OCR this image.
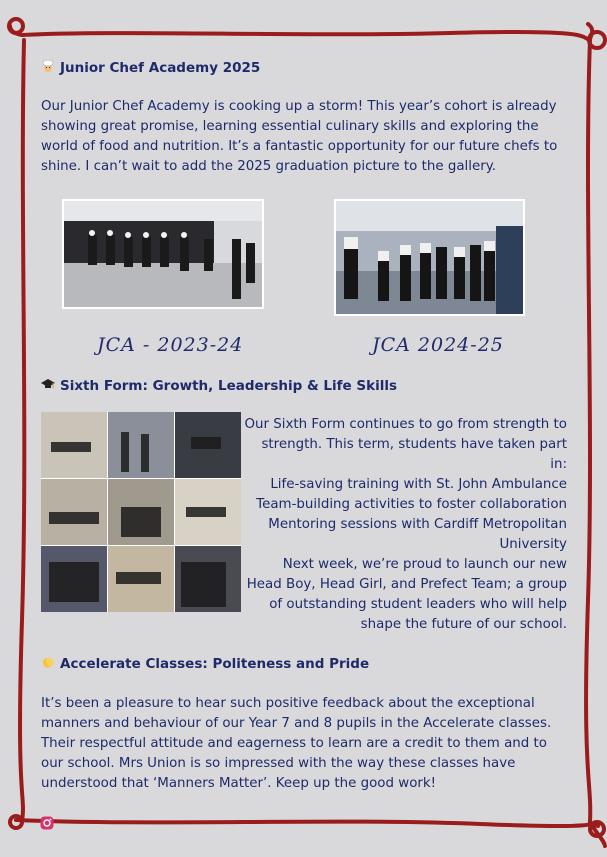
Junior Chef Academy 2025

Our Junior Chef Academy is cooking up a storm! This year’s cohort is already showing great promise, learning essential culinary skills and exploring the world of food and nutrition. It’s a fantastic opportunity for our future chefs to shine. I can’t wait to add the 2025 graduation picture to the gallery.

JCA - 2023-24	JCA 2024-25
Sixth Form: Growth, Leadership & Life Skills
Our Sixth Form continues to go from strength to strength. This term, students have taken part in:
Life-saving training with St. John Ambulance
Team-building activities to foster collaboration
Mentoring sessions with Cardiff Metropolitan University
Next week, we’re proud to launch our new Head Boy, Head Girl, and Prefect Team; a group of outstanding student leaders who will help shape the future of our school.
Accelerate Classes: Politeness and Pride

It’s been a pleasure to hear such positive feedback about the exceptional manners and behaviour of our Year 7 and 8 pupils in the Accelerate classes. Their respectful attitude and eagerness to learn are a credit to them and to our school. Mrs Union is so impressed with the way these classes have understood that ‘Manners Matter’. Keep up the good work!
